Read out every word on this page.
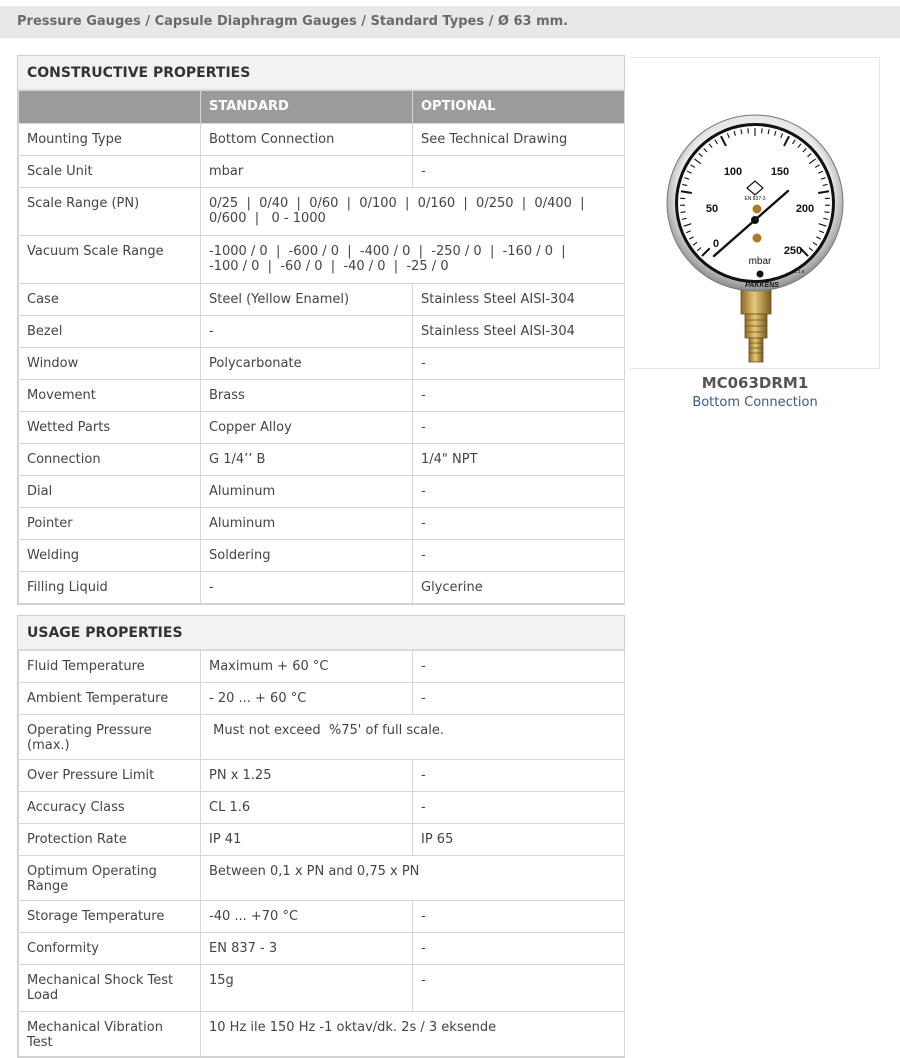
Pressure Gauges / Capsule Diaphragm Gauges / Standard Types / Ø 63 mm.
CONSTRUCTIVE PROPERTIES
	STANDARD	OPTIONAL
Mounting Type	Bottom Connection	See Technical Drawing
Scale Unit	mbar	-
Scale Range (PN)	0/25  |  0/40  |  0/60  |  0/100  |  0/160  |  0/250  |  0/400  |  0/600  |   0 - 1000	
Vacuum Scale Range	-1000 / 0  |  -600 / 0  |  -400 / 0  |  -250 / 0  |  -160 / 0  |  -100 / 0  |  -60 / 0  |  -40 / 0  |  -25 / 0	
Case	Steel (Yellow Enamel)	Stainless Steel AISI-304
Bezel	-	Stainless Steel AISI-304
Window	Polycarbonate	-
Movement	Brass	-
Wetted Parts	Copper Alloy	-
Connection	G 1/4’’ B	1/4" NPT
Dial	Aluminum	-
Pointer	Aluminum	-
Welding	Soldering	-
Filling Liquid	-	Glycerine
USAGE PROPERTIES
Fluid Temperature	Maximum + 60 °C	-
Ambient Temperature	- 20 ... + 60 °C	-
Operating Pressure (max.)	Must not exceed  %75' of full scale.	
Over Pressure Limit	PN x 1.25	-
Accuracy Class	CL 1.6	-
Protection Rate	IP 41	IP 65
Optimum Operating Range	Between 0,1 x PN and 0,75 x PN	
Storage Temperature	-40 ... +70 °C	-
Conformity	EN 837 - 3	-
Mechanical Shock Test Load	15g	-
Mechanical Vibration Test	10 Hz ile 150 Hz -1 oktav/dk. 2s / 3 eksende	
0
50
100	150
200
250
EN 837-3
mbar
PAKKENS
KL 1.6
MC063DRM1
Bottom Connection
